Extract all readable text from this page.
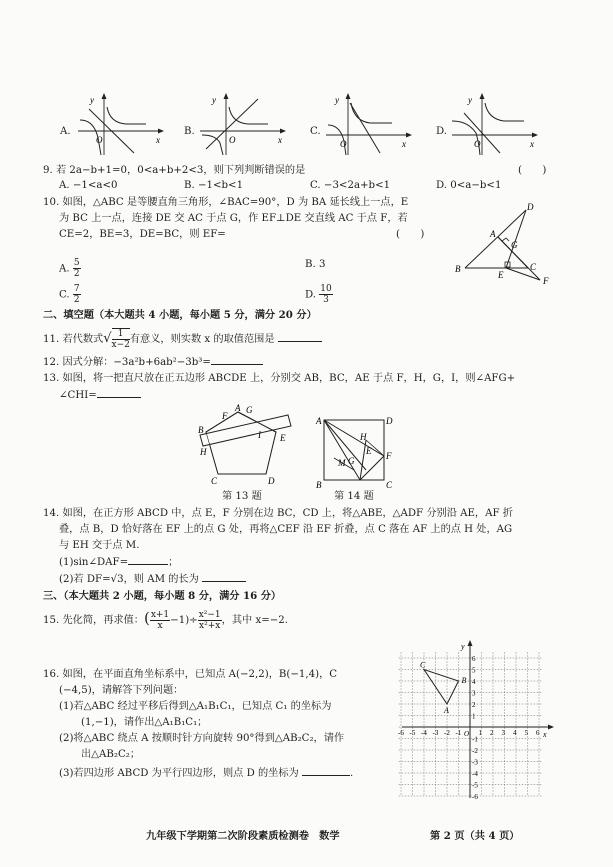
A.
y
x
O
B.
y
x
O
C.
y
x
O
D.
y
x
O
9. 若 2a−b+1=0，0<a+b+2<3，则下列判断错误的是	(　　)
A. −1<a<0	B. −1<b<1	C. −3<2a+b<1	D. 0<a−b<1
10. 如图，△ABC 是等腰直角三角形，∠BAC=90°，D 为 BA 延长线上一点，E
为 BC 上一点，连接 DE 交 AC 于点 G，作 EF⊥DE 交直线 AC 于点 F，若
CE=2，BE=3，DE=BC，则 EF=	(　　)
A. $\frac{5}{2}$	B. 3
C. $\frac{7}{2}$	D. $\frac{10}{3}$
D
A
G
B
E
C
F
二、填空题（本大题共 4 小题，每小题 5 分，满分 20 分）
11. 若代数式√ $\frac{1}{x-2}$ 有意义，则实数 x 的取值范围是
12. 因式分解：−3a²b+6ab²−3b³=
13. 如图，将一把直尺放在正五边形 ABCDE 上，分别交 AB，BC，AE 于点 F，H，G，I，则∠AFG+
∠CHI=
F
A G
B	I E
H
C	D
第 13 题
A	D
H
E
M G	F
B	C
第 14 题
14. 如图，在正方形 ABCD 中，点 E，F 分别在边 BC，CD 上，将△ABE，△ADF 分别沿 AE，AF 折
叠，点 B，D 恰好落在 EF 上的点 G 处，再将△CEF 沿 EF 折叠，点 C 落在 AF 上的点 H 处，AG
与 EH 交于点 M.
(1)sin∠DAF=	；
(2)若 DF=√3，则 AM 的长为
三、（本大题共 2 小题，每小题 8 分，满分 16 分）
15. 先化简，再求值：( $\frac{x+1}{x} -1)\div \frac{\text{x²−1}}{\text{x²+x}}$ ，其中 x=−2.
16. 如图，在平面直角坐标系中，已知点 A(−2,2)，B(−1,4)，C
(−4,5)，请解答下列问题：
(1)若△ABC 经过平移后得到△A₁B₁C₁，已知点 C₁ 的坐标为
(1,−1)，请作出△A₁B₁C₁；
(2)将△ABC 绕点 A 按顺时针方向旋转 90°得到△AB₂C₂，请作
出△AB₂C₂；
(3)若四边形 ABCD 为平行四边形，则点 D 的坐标为	.
x
y
O
-6 -5 -4 -3 -2 -1 1 2 3 4 5 6
6
5
4
3
2
1
-1
-2
-3
-4
-5
-6
A
B
C
九年级下学期第二次阶段素质检测卷　数学	第 2 页（共 4 页）
